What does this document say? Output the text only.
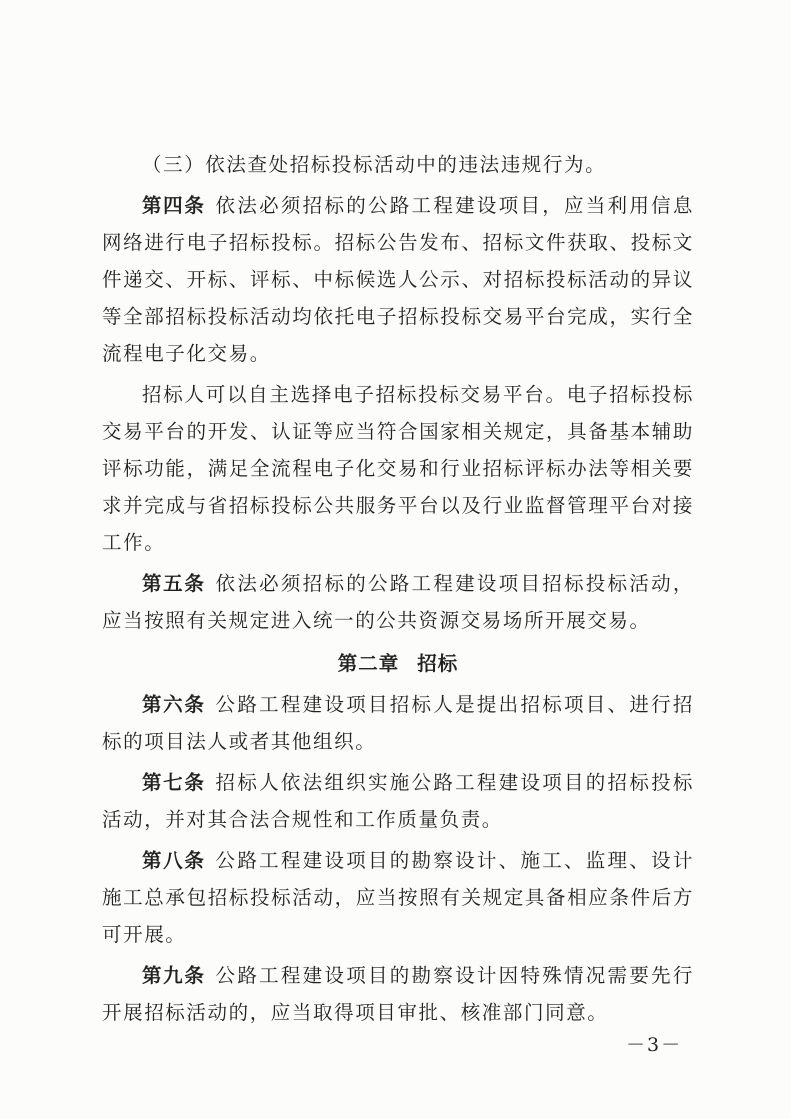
（三）依法查处招标投标活动中的违法违规行为。

第四条 依法必须招标的公路工程建设项目，应当利用信息网络进行电子招标投标。招标公告发布、招标文件获取、投标文件递交、开标、评标、中标候选人公示、对招标投标活动的异议等全部招标投标活动均依托电子招标投标交易平台完成，实行全流程电子化交易。

招标人可以自主选择电子招标投标交易平台。电子招标投标交易平台的开发、认证等应当符合国家相关规定，具备基本辅助评标功能，满足全流程电子化交易和行业招标评标办法等相关要求并完成与省招标投标公共服务平台以及行业监督管理平台对接工作。

第五条 依法必须招标的公路工程建设项目招标投标活动，应当按照有关规定进入统一的公共资源交易场所开展交易。

第二章 招标

第六条 公路工程建设项目招标人是提出招标项目、进行招标的项目法人或者其他组织。

第七条 招标人依法组织实施公路工程建设项目的招标投标活动，并对其合法合规性和工作质量负责。

第八条 公路工程建设项目的勘察设计、施工、监理、设计施工总承包招标投标活动，应当按照有关规定具备相应条件后方可开展。

第九条 公路工程建设项目的勘察设计因特殊情况需要先行开展招标活动的，应当取得项目审批、核准部门同意。

－3－
